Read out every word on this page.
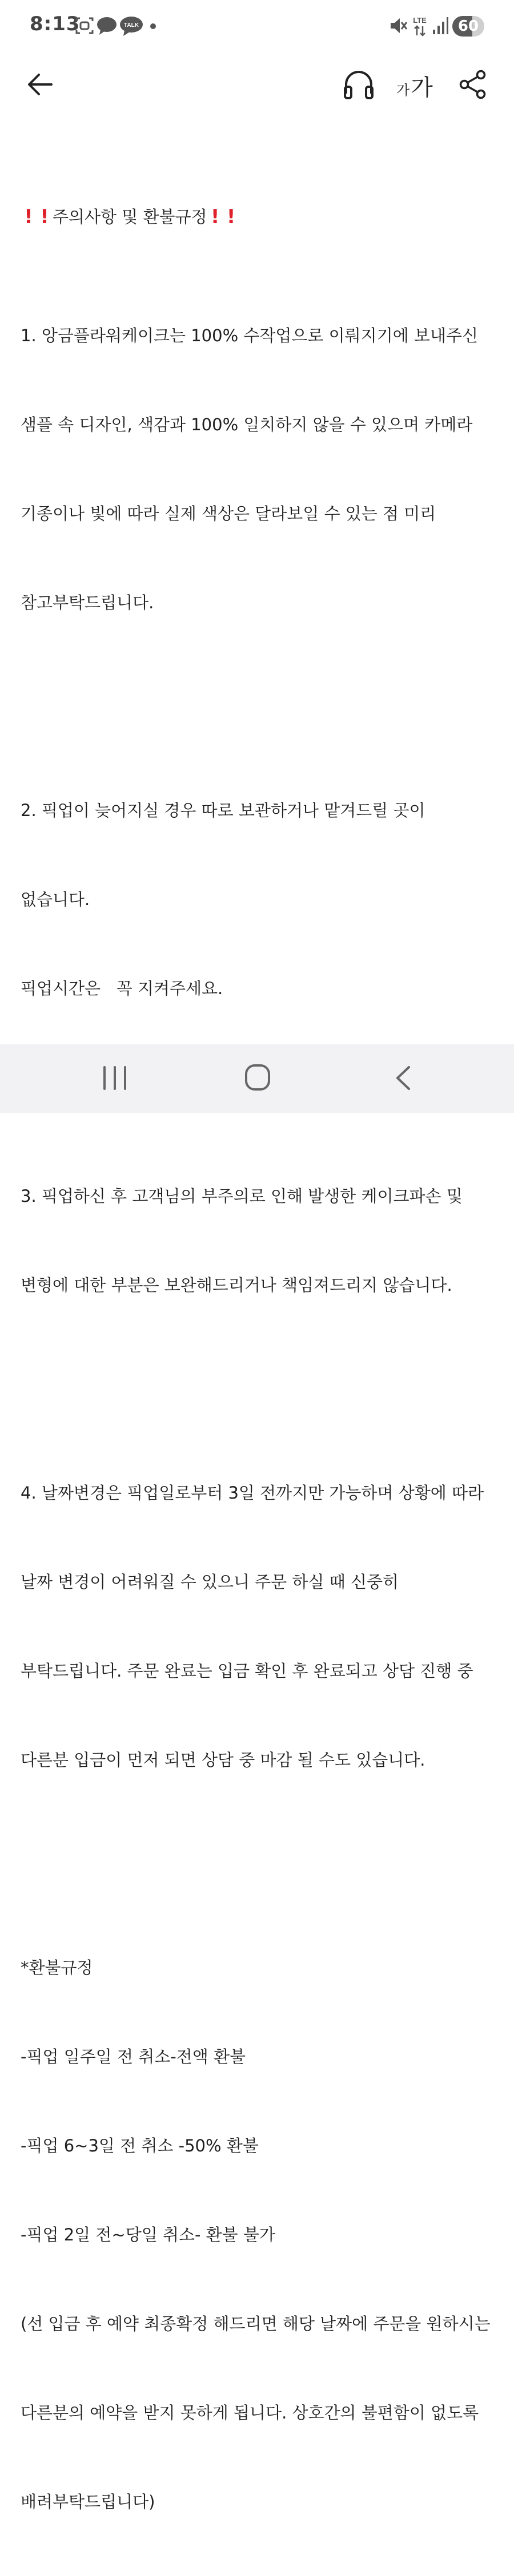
8:13	TALK
LTE	60
가 가

! ! 주의사항 및 환불규정 ! !

1. 앙금플라워케이크는 100% 수작업으로 이뤄지기에 보내주신

샘플 속 디자인, 색감과 100% 일치하지 않을 수 있으며 카메라

기종이나 빛에 따라 실제 색상은 달라보일 수 있는 점 미리

참고부탁드립니다.

2. 픽업이 늦어지실 경우 따로 보관하거나 맡겨드릴 곳이

없습니다.

픽업시간은   꼭 지켜주세요.

3. 픽업하신 후 고객님의 부주의로 인해 발생한 케이크파손 및

변형에 대한 부분은 보완해드리거나 책임져드리지 않습니다.

4. 날짜변경은 픽업일로부터 3일 전까지만 가능하며 상황에 따라

날짜 변경이 어려워질 수 있으니 주문 하실 때 신중히

부탁드립니다. 주문 완료는 입금 확인 후 완료되고 상담 진행 중

다른분 입금이 먼저 되면 상담 중 마감 될 수도 있습니다.

*환불규정

-픽업 일주일 전 취소-전액 환불

-픽업 6~3일 전 취소 -50% 환불

-픽업 2일 전~당일 취소- 환불 불가

(선 입금 후 예약 최종확정 해드리면 해당 날짜에 주문을 원하시는

다른분의 예약을 받지 못하게 됩니다. 상호간의 불편함이 없도록

배려부탁드립니다)
